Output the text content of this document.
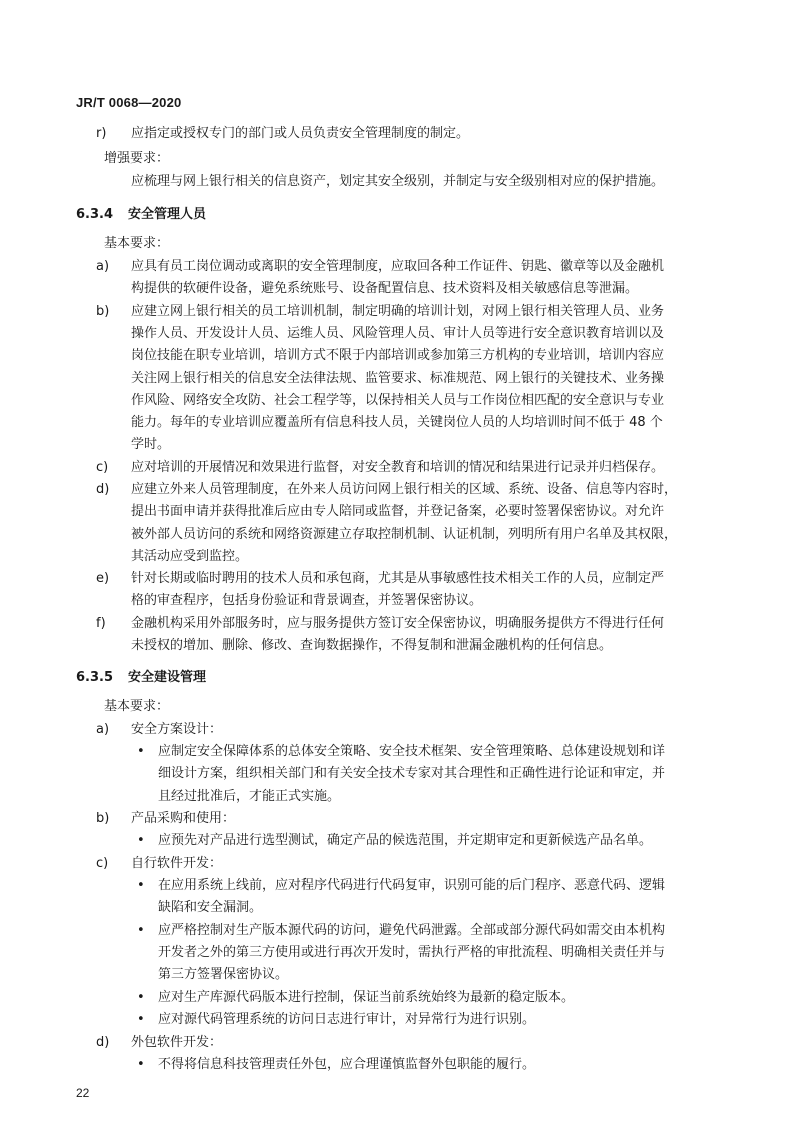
JR/T 0068—2020
r) 应指定或授权专门的部门或人员负责安全管理制度的制定。
增强要求：
应梳理与网上银行相关的信息资产，划定其安全级别，并制定与安全级别相对应的保护措施。
6.3.4 安全管理人员
基本要求：
a) 应具有员工岗位调动或离职的安全管理制度，应取回各种工作证件、钥匙、徽章等以及金融机
构提供的软硬件设备，避免系统账号、设备配置信息、技术资料及相关敏感信息等泄漏。
b) 应建立网上银行相关的员工培训机制，制定明确的培训计划，对网上银行相关管理人员、业务
操作人员、开发设计人员、运维人员、风险管理人员、审计人员等进行安全意识教育培训以及
岗位技能在职专业培训，培训方式不限于内部培训或参加第三方机构的专业培训，培训内容应
关注网上银行相关的信息安全法律法规、监管要求、标准规范、网上银行的关键技术、业务操
作风险、网络安全攻防、社会工程学等，以保持相关人员与工作岗位相匹配的安全意识与专业
能力。每年的专业培训应覆盖所有信息科技人员，关键岗位人员的人均培训时间不低于 48 个
学时。
c) 应对培训的开展情况和效果进行监督，对安全教育和培训的情况和结果进行记录并归档保存。
d) 应建立外来人员管理制度，在外来人员访问网上银行相关的区域、系统、设备、信息等内容时，
提出书面申请并获得批准后应由专人陪同或监督，并登记备案，必要时签署保密协议。对允许
被外部人员访问的系统和网络资源建立存取控制机制、认证机制，列明所有用户名单及其权限，
其活动应受到监控。
e) 针对长期或临时聘用的技术人员和承包商，尤其是从事敏感性技术相关工作的人员，应制定严
格的审查程序，包括身份验证和背景调查，并签署保密协议。
f) 金融机构采用外部服务时，应与服务提供方签订安全保密协议，明确服务提供方不得进行任何
未授权的增加、删除、修改、查询数据操作，不得复制和泄漏金融机构的任何信息。
6.3.5 安全建设管理
基本要求：
a) 安全方案设计：
• 应制定安全保障体系的总体安全策略、安全技术框架、安全管理策略、总体建设规划和详
细设计方案，组织相关部门和有关安全技术专家对其合理性和正确性进行论证和审定，并
且经过批准后，才能正式实施。
b) 产品采购和使用：
• 应预先对产品进行选型测试，确定产品的候选范围，并定期审定和更新候选产品名单。
c) 自行软件开发：
• 在应用系统上线前，应对程序代码进行代码复审，识别可能的后门程序、恶意代码、逻辑
缺陷和安全漏洞。
• 应严格控制对生产版本源代码的访问，避免代码泄露。全部或部分源代码如需交由本机构
开发者之外的第三方使用或进行再次开发时，需执行严格的审批流程、明确相关责任并与
第三方签署保密协议。
• 应对生产库源代码版本进行控制，保证当前系统始终为最新的稳定版本。
• 应对源代码管理系统的访问日志进行审计，对异常行为进行识别。
d) 外包软件开发：
• 不得将信息科技管理责任外包，应合理谨慎监督外包职能的履行。
22
